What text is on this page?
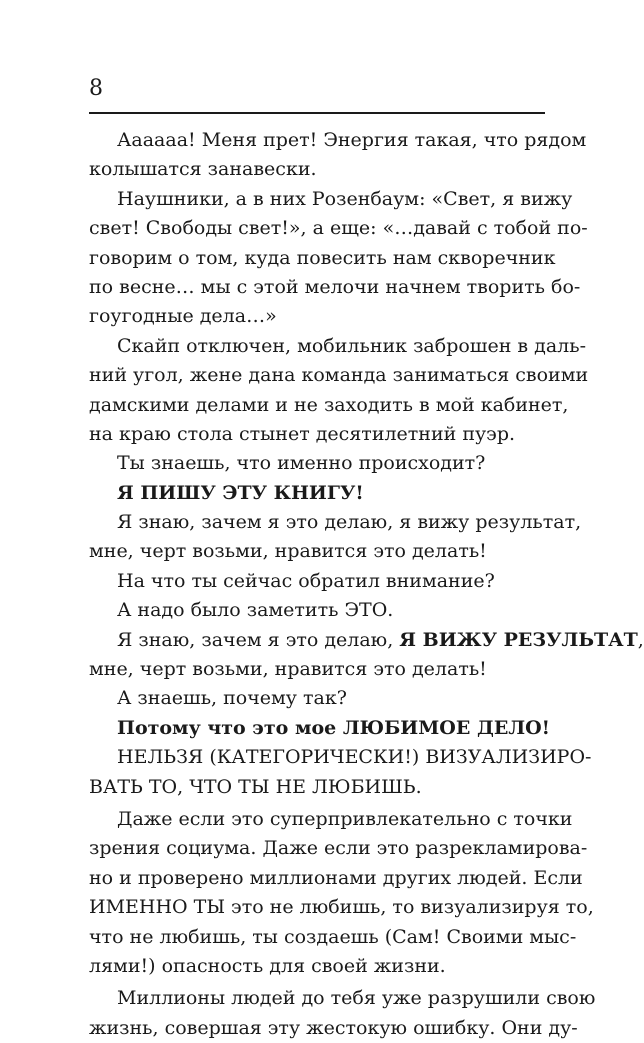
8
Аааааа! Меня прет! Энергия такая, что рядом
колышатся занавески.
Наушники, а в них Розенбаум: «Свет, я вижу
свет! Свободы свет!», а еще: «…давай с тобой по-
говорим о том, куда повесить нам скворечник
по весне… мы с этой мелочи начнем творить бо-
гоугодные дела…»
Скайп отключен, мобильник заброшен в даль-
ний угол, жене дана команда заниматься своими
дамскими делами и не заходить в мой кабинет,
на краю стола стынет десятилетний пуэр.
Ты знаешь, что именно происходит?
Я ПИШУ ЭТУ КНИГУ!
Я знаю, зачем я это делаю, я вижу результат,
мне, черт возьми, нравится это делать!
На что ты сейчас обратил внимание?
А надо было заметить ЭТО.
Я знаю, зачем я это делаю, Я ВИЖУ РЕЗУЛЬТАТ,
мне, черт возьми, нравится это делать!
А знаешь, почему так?
Потому что это мое ЛЮБИМОЕ ДЕЛО!
НЕЛЬЗЯ (КАТЕГОРИЧЕСКИ!) ВИЗУАЛИЗИРО-
ВАТЬ ТО, ЧТО ТЫ НЕ ЛЮБИШЬ.
Даже если это суперпривлекательно с точки
зрения социума. Даже если это разрекламирова-
но и проверено миллионами других людей. Если
ИМЕННО ТЫ это не любишь, то визуализируя то,
что не любишь, ты создаешь (Сам! Своими мыс-
лями!) опасность для своей жизни.
Миллионы людей до тебя уже разрушили свою
жизнь, совершая эту жестокую ошибку. Они ду-
